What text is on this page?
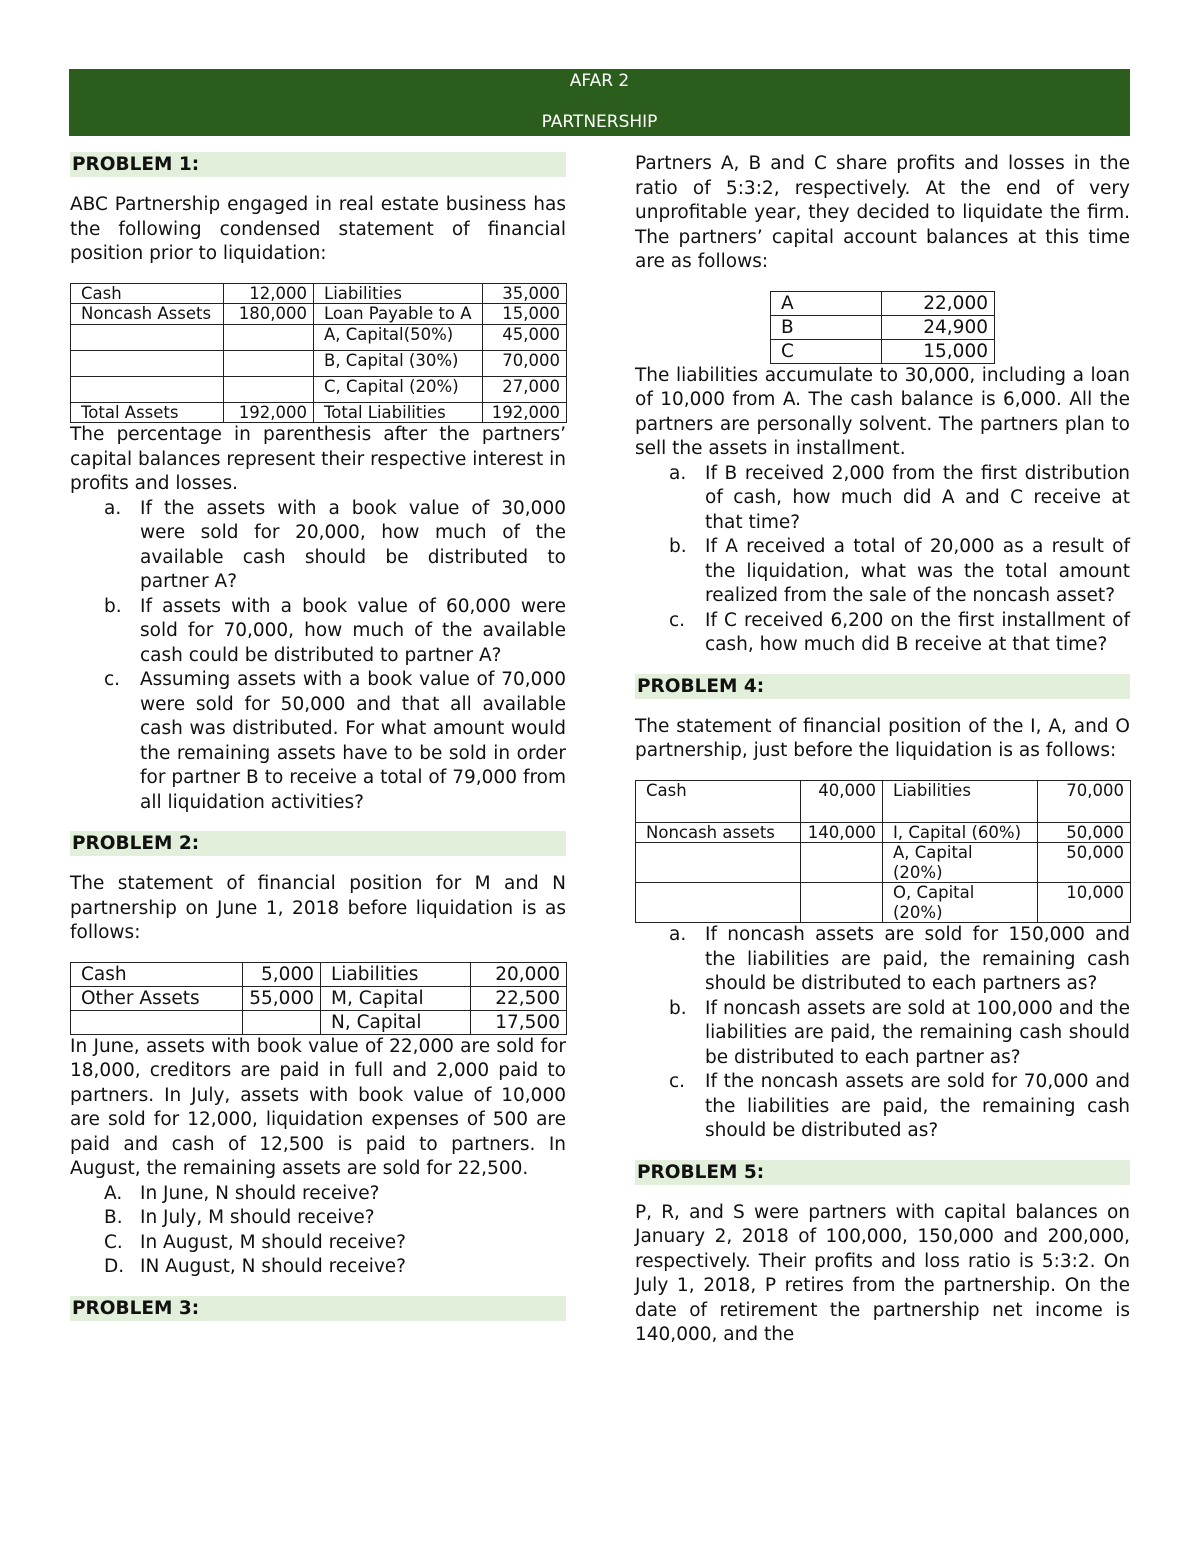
AFAR 2
PARTNERSHIP
PROBLEM 1:

ABC Partnership engaged in real estate business has the following condensed statement of financial position prior to liquidation:

Cash	12,000	Liabilities	35,000
Noncash Assets	180,000	Loan Payable to A	15,000
		A, Capital(50%)	45,000
		B, Capital (30%)	70,000
		C, Capital (20%)	27,000
Total Assets	192,000	Total Liabilities	192,000

The percentage in parenthesis after the partners’ capital balances represent their respective interest in profits and losses.

a. If the assets with a book value of 30,000 were sold for 20,000, how much of the available cash should be distributed to partner A?
b. If assets with a book value of 60,000 were sold for 70,000, how much of the available cash could be distributed to partner A?
c. Assuming assets with a book value of 70,000 were sold for 50,000 and that all available cash was distributed. For what amount would the remaining assets have to be sold in order for partner B to receive a total of 79,000 from all liquidation activities?
PROBLEM 2:

The statement of financial position for M and N partnership on June 1, 2018 before liquidation is as follows:

Cash	5,000	Liabilities	20,000
Other Assets	55,000	M, Capital	22,500
		N, Capital	17,500

In June, assets with book value of 22,000 are sold for 18,000, creditors are paid in full and 2,000 paid to partners. In July, assets with book value of 10,000 are sold for 12,000, liquidation expenses of 500 are paid and cash of 12,500 is paid to partners. In August, the remaining assets are sold for 22,500.

A. In June, N should receive?
B. In July, M should receive?
C. In August, M should receive?
D. IN August, N should receive?
PROBLEM 3:

Partners A, B and C share profits and losses in the ratio of 5:3:2, respectively. At the end of very unprofitable year, they decided to liquidate the firm. The partners’ capital account balances at this time are as follows:

A	22,000
B	24,900
C	15,000

The liabilities accumulate to 30,000, including a loan of 10,000 from A. The cash balance is 6,000. All the partners are personally solvent. The partners plan to sell the assets in installment.

a. If B received 2,000 from the first distribution of cash, how much did A and C receive at that time?
b. If A received a total of 20,000 as a result of the liquidation, what was the total amount realized from the sale of the noncash asset?
c. If C received 6,200 on the first installment of cash, how much did B receive at that time?
PROBLEM 4:

The statement of financial position of the I, A, and O partnership, just before the liquidation is as follows:

Cash	40,000	Liabilities	70,000
Noncash assets	140,000	I, Capital (60%)	50,000
		A, Capital (20%)	50,000
		O, Capital (20%)	10,000
a. If noncash assets are sold for 150,000 and the liabilities are paid, the remaining cash should be distributed to each partners as?
b. If noncash assets are sold at 100,000 and the liabilities are paid, the remaining cash should be distributed to each partner as?
c. If the noncash assets are sold for 70,000 and the liabilities are paid, the remaining cash should be distributed as?
PROBLEM 5:

P, R, and S were partners with capital balances on January 2, 2018 of 100,000, 150,000 and 200,000, respectively. Their profits and loss ratio is 5:3:2. On July 1, 2018, P retires from the partnership. On the date of retirement the partnership net income is 140,000, and the
